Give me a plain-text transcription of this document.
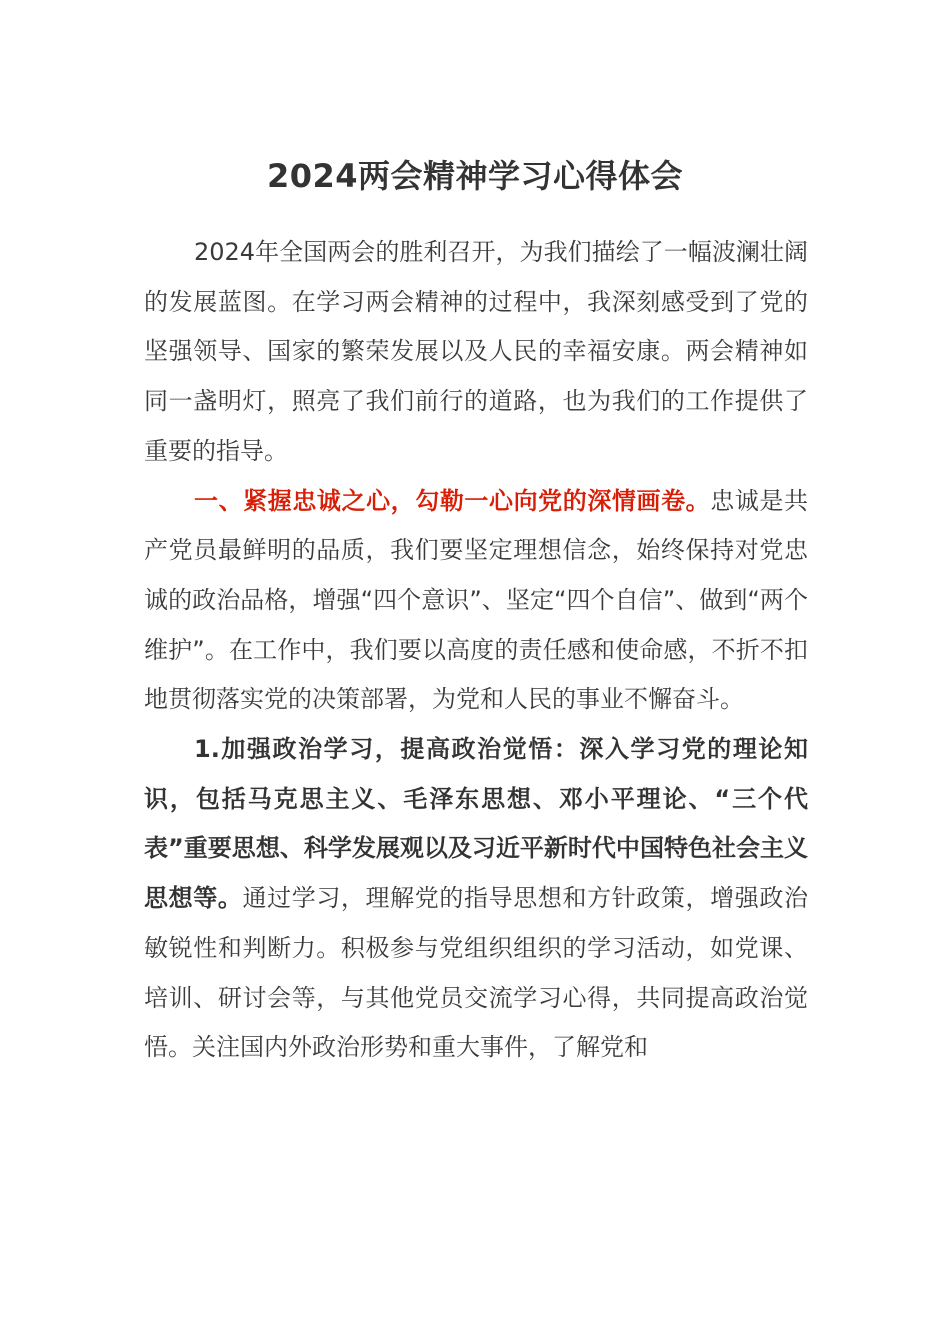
2024两会精神学习心得体会

2024年全国两会的胜利召开，为我们描绘了一幅波澜壮阔的发展蓝图。在学习两会精神的过程中，我深刻感受到了党的坚强领导、国家的繁荣发展以及人民的幸福安康。两会精神如同一盏明灯，照亮了我们前行的道路，也为我们的工作提供了重要的指导。

一、紧握忠诚之心，勾勒一心向党的深情画卷。忠诚是共产党员最鲜明的品质，我们要坚定理想信念，始终保持对党忠诚的政治品格，增强“四个意识”、坚定“四个自信”、做到“两个维护”。在工作中，我们要以高度的责任感和使命感，不折不扣地贯彻落实党的决策部署，为党和人民的事业不懈奋斗。

1.加强政治学习，提高政治觉悟：深入学习党的理论知识，包括马克思主义、毛泽东思想、邓小平理论、“三个代表”重要思想、科学发展观以及习近平新时代中国特色社会主义思想等。通过学习，理解党的指导思想和方针政策，增强政治敏锐性和判断力。积极参与党组织组织的学习活动，如党课、培训、研讨会等，与其他党员交流学习心得，共同提高政治觉悟。关注国内外政治形势和重大事件，了解党和
